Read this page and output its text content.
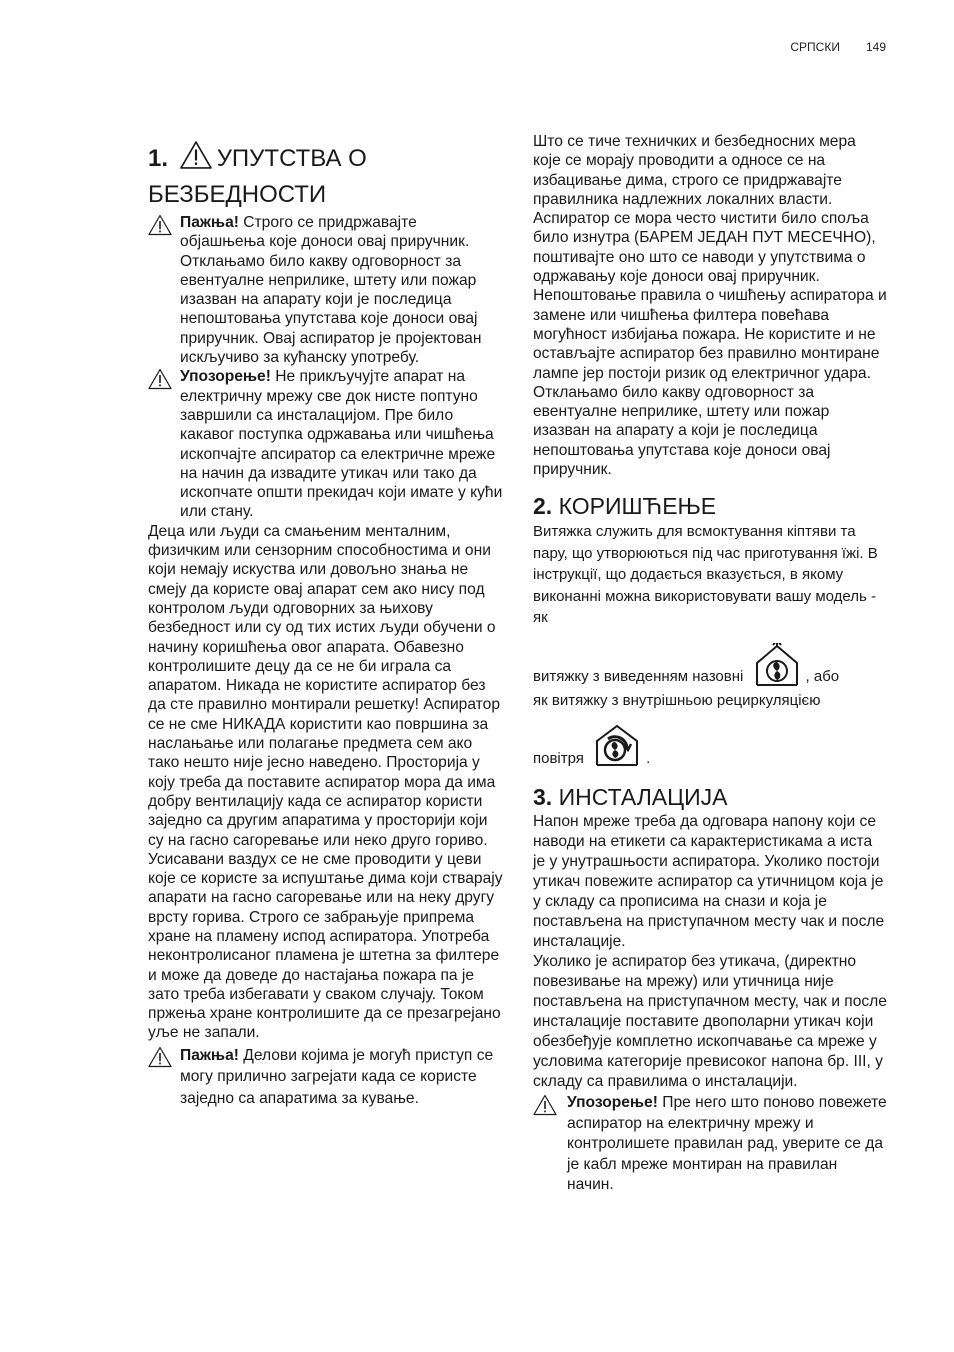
СРПСКИ 149
1. УПУТСТВА О
БЕЗБЕДНОСТИ

Пажња! Строго се придржавајте објашњења које доноси овај приручник. Отклањамо било какву одговорност за евентуалне неприлике, штету или пожар изазван на апарату који је последица непоштовања упутстава које доноси овај приручник. Овај аспиратор је пројектован искључиво за кућанску употребу.

Упозорење! Не прикључујте апарат на електричну мрежу све док нисте поптуно завршили са инсталацијом. Пре било какавог поступка одржавања или чишћења ископчајте апсиратор са електричне мреже на начин да извадите утикач или тако да ископчате општи прекидач који имате у кући или стану.

Деца или људи са смањеним менталним, физичким или сензорним способностима и они који немају искуства или довољно знања не смеју да користе овај апарат сем ако нису под контролом људи одговорних за њихову безбедност или су од тих истих људи обучени о начину коришћења овог апарата. Обавезно контролишите децу да се не би играла са апаратом. Никада не користите аспиратор без да сте правилно монтирали решетку! Аспиратор се не сме НИКАДА користити као површина за наслањање или полагање предмета сем ако тако нешто није јесно наведено. Просторија у коју треба да поставите аспиратор мора да има добру вентилацију када се аспиратор користи заједно са другим апаратима у просторији који су на гасно сагоревање или неко друго гориво. Усисавани ваздух се не сме проводити у цеви које се користе за испуштање дима који стварају апарати на гасно сагоревање или на неку другу врсту горива. Строго се забрањује припрема хране на пламену испод аспиратора. Употреба неконтролисаног пламена је штетна за филтере и може да доведе до настајања пожара па је зато треба избегавати у сваком случају. Током пржења хране контролишите да се презагрејано уље не запали.

Пажња! Делови којима је могућ приступ се могу прилично загрејати када се користе заједно са апаратима за кување.

Што се тиче техничких и безбедносних мера које се морају проводити а односе се на избацивање дима, строго се придржавајте правилника надлежних локалних власти. Аспиратор се мора често чистити било споља било изнутра (БАРЕМ ЈЕДАН ПУТ МЕСЕЧНО), поштивајте оно што се наводи у упутствима о одржавању које доноси овај приручник. Непоштовање правила о чишћењу аспиратора и замене или чишћења филтера повећава могућност избијања пожара. Не користите и не остављајте аспиратор без правилно монтиране лампе јер постоји ризик од електричног удара. Отклањамо било какву одговорност за евентуалне неприлике, штету или пожар изазван на апарату а који је последица непоштовања упутстава које доноси овај приручник.

2. КОРИШЋЕЊЕ

Витяжка служить для всмоктування кіптяви та пару, що утворюються під час приготування їжі. В інструкції, що додається вказується, в якому виконанні можна використовувати вашу модель - як

витяжку з виведенням назовні	, або

як витяжку з внутрішньою рециркуляцією

повітря	.

3. ИНСТАЛАЦИЈА

Напон мреже треба да одговара напону који се наводи на етикети са карактеристикама а иста је у унутрашњости аспиратора. Уколико постоји утикач повежите аспиратор са утичницом која је у складу са прописима на снази и која је постављена на приступачном месту чак и после инсталације.

Уколико је аспиратор без утикача, (директно повезивање на мрежу) или утичница није постављена на приступачном месту, чак и после инсталације поставите двополарни утикач који обезбеђује комплетно ископчавање са мреже у условима категорије превисоког напона бр. III, у складу са правилима о инсталацији.

Упозорење! Пре него што поново повежете аспиратор на електричну мрежу и контролишете правилан рад, уверите се да је кабл мреже монтиран на правилан начин.
